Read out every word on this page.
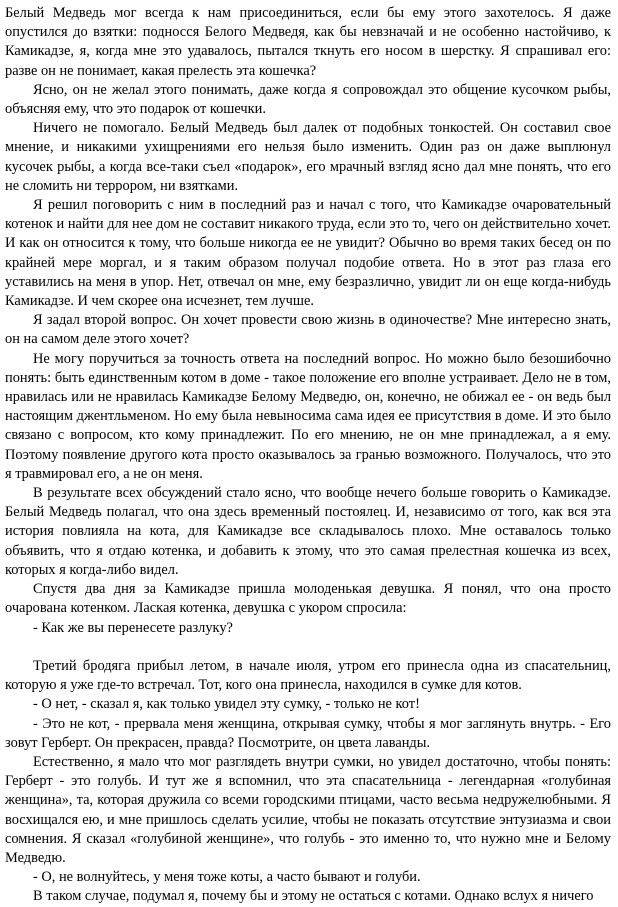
Белый Медведь мог всегда к нам присоединиться, если бы ему этого захотелось. Я даже опустился до взятки: подносся Белого Медведя, как бы невзначай и не особенно настойчиво, к Камикадзе, я, когда мне это удавалось, пытался ткнуть его носом в шерстку. Я спрашивал его: разве он не понимает, какая прелесть эта кошечка?

Ясно, он не желал этого понимать, даже когда я сопровождал это общение кусочком рыбы, объясняя ему, что это подарок от кошечки.

Ничего не помогало. Белый Медведь был далек от подобных тонкостей. Он составил свое мнение, и никакими ухищрениями его нельзя было изменить. Один раз он даже выплюнул кусочек рыбы, а когда все-таки съел «подарок», его мрачный взгляд ясно дал мне понять, что его не сломить ни террором, ни взятками.

Я решил поговорить с ним в последний раз и начал с того, что Камикадзе очаровательный котенок и найти для нее дом не составит никакого труда, если это то, чего он действительно хочет. И как он относится к тому, что больше никогда ее не увидит? Обычно во время таких бесед он по крайней мере моргал, и я таким образом получал подобие ответа. Но в этот раз глаза его уставились на меня в упор. Нет, отвечал он мне, ему безразлично, увидит ли он еще когда-нибудь Камикадзе. И чем скорее она исчезнет, тем лучше.

Я задал второй вопрос. Он хочет провести свою жизнь в одиночестве? Мне интересно знать, он на самом деле этого хочет?

Не могу поручиться за точность ответа на последний вопрос. Но можно было безошибочно понять: быть единственным котом в доме - такое положение его вполне устраивает. Дело не в том, нравилась или не нравилась Камикадзе Белому Медведю, он, конечно, не обижал ее - он ведь был настоящим джентльменом. Но ему была невыносима сама идея ее присутствия в доме. И это было связано с вопросом, кто кому принадлежит. По его мнению, не он мне принадлежал, а я ему. Поэтому появление другого кота просто оказывалось за гранью возможного. Получалось, что это я травмировал его, а не он меня.

В результате всех обсуждений стало ясно, что вообще нечего больше говорить о Камикадзе. Белый Медведь полагал, что она здесь временный постоялец. И, независимо от того, как вся эта история повлияла на кота, для Камикадзе все складывалось плохо. Мне оставалось только объявить, что я отдаю котенка, и добавить к этому, что это самая прелестная кошечка из всех, которых я когда-либо видел.

Спустя два дня за Камикадзе пришла молоденькая девушка. Я понял, что она просто очарована котенком. Лаская котенка, девушка с укором спросила:

- Как же вы перенесете разлуку?

Третий бродяга прибыл летом, в начале июля, утром его принесла одна из спасательниц, которую я уже где-то встречал. Тот, кого она принесла, находился в сумке для котов.

- О нет, - сказал я, как только увидел эту сумку, - только не кот!

- Это не кот, - прервала меня женщина, открывая сумку, чтобы я мог заглянуть внутрь. - Его зовут Герберт. Он прекрасен, правда? Посмотрите, он цвета лаванды.

Естественно, я мало что мог разглядеть внутри сумки, но увидел достаточно, чтобы понять: Герберт - это голубь. И тут же я вспомнил, что эта спасательница - легендарная «голубиная женщина», та, которая дружила со всеми городскими птицами, часто весьма недружелюбными. Я восхищался ею, и мне пришлось сделать усилие, чтобы не показать отсутствие энтузиазма и свои сомнения. Я сказал «голубиной женщине», что голубь - это именно то, что нужно мне и Белому Медведю.

- О, не волнуйтесь, у меня тоже коты, а часто бывают и голуби.

В таком случае, подумал я, почему бы и этому не остаться с котами. Однако вслух я ничего
